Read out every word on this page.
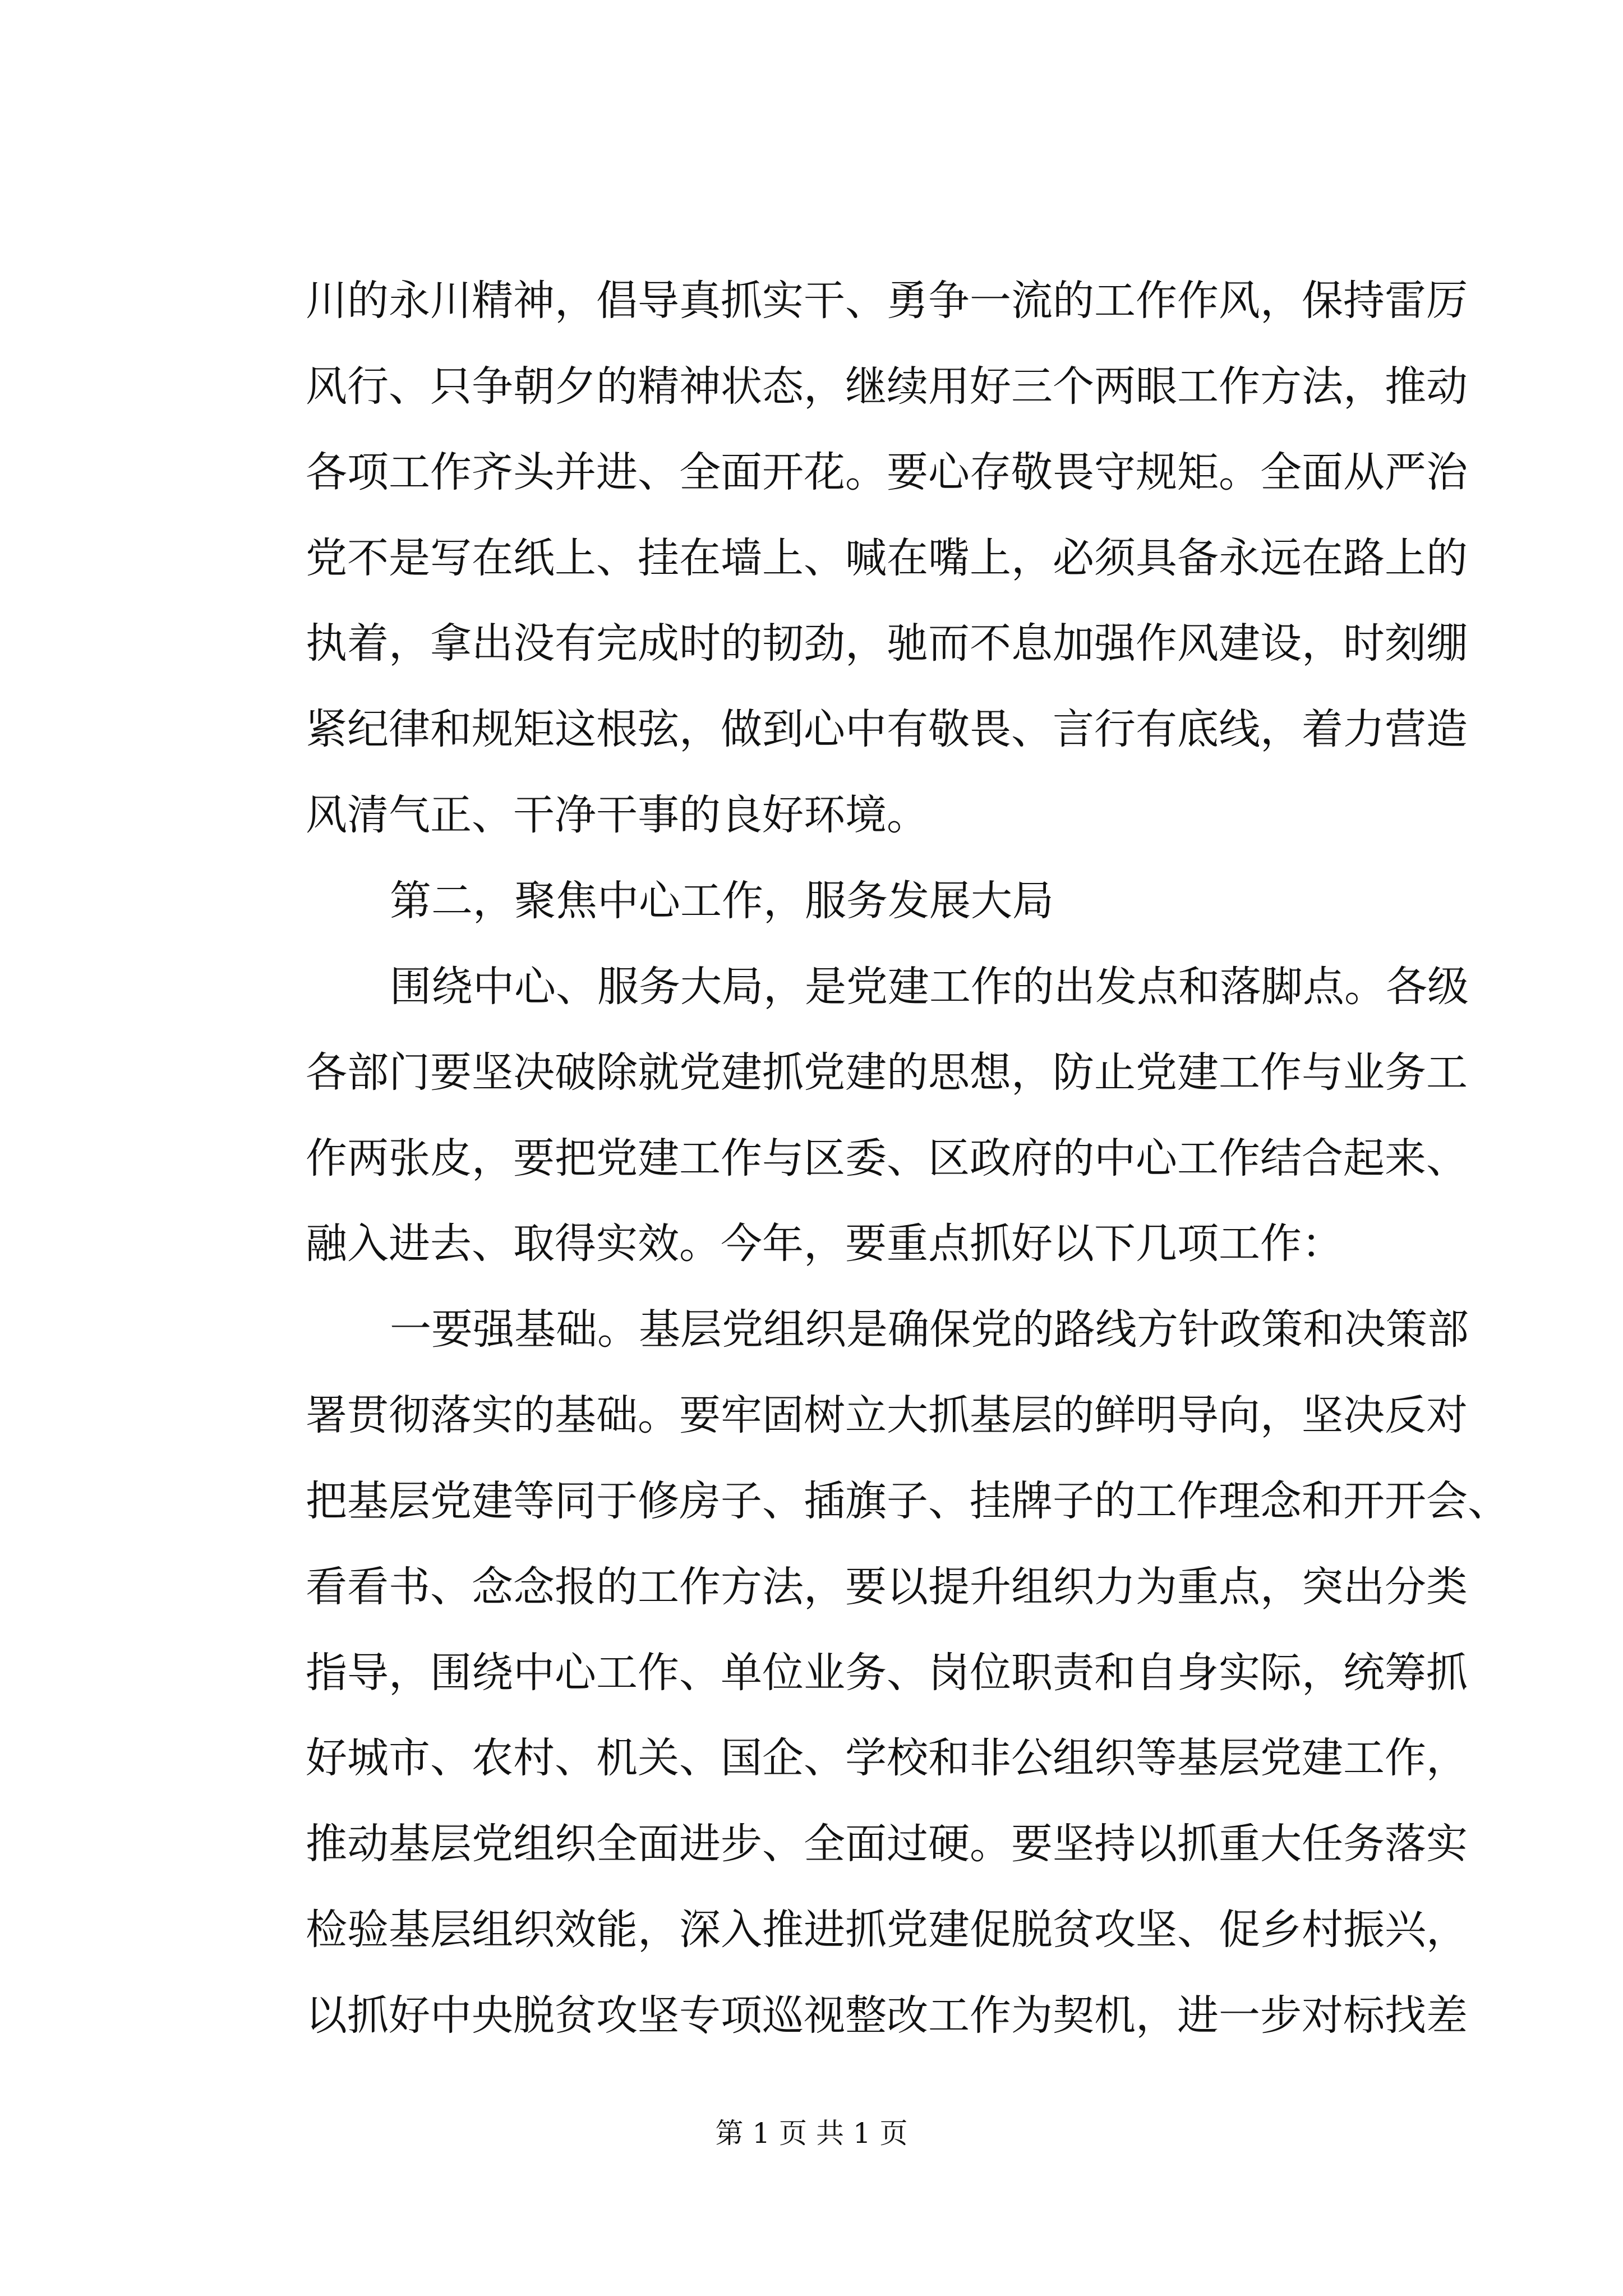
川的永川精神，倡导真抓实干、勇争一流的工作作风，保持雷厉
风行、只争朝夕的精神状态，继续用好三个两眼工作方法，推动
各项工作齐头并进、全面开花。要心存敬畏守规矩。全面从严治
党不是写在纸上、挂在墙上、喊在嘴上，必须具备永远在路上的
执着，拿出没有完成时的韧劲，驰而不息加强作风建设，时刻绷
紧纪律和规矩这根弦，做到心中有敬畏、言行有底线，着力营造
风清气正、干净干事的良好环境。
第二，聚焦中心工作，服务发展大局
围绕中心、服务大局，是党建工作的出发点和落脚点。各级
各部门要坚决破除就党建抓党建的思想，防止党建工作与业务工
作两张皮，要把党建工作与区委、区政府的中心工作结合起来、
融入进去、取得实效。今年，要重点抓好以下几项工作：
一要强基础。基层党组织是确保党的路线方针政策和决策部
署贯彻落实的基础。要牢固树立大抓基层的鲜明导向，坚决反对
把基层党建等同于修房子、插旗子、挂牌子的工作理念和开开会、
看看书、念念报的工作方法，要以提升组织力为重点，突出分类
指导，围绕中心工作、单位业务、岗位职责和自身实际，统筹抓
好城市、农村、机关、国企、学校和非公组织等基层党建工作，
推动基层党组织全面进步、全面过硬。要坚持以抓重大任务落实
检验基层组织效能，深入推进抓党建促脱贫攻坚、促乡村振兴，
以抓好中央脱贫攻坚专项巡视整改工作为契机，进一步对标找差
第 1 页 共 1 页
